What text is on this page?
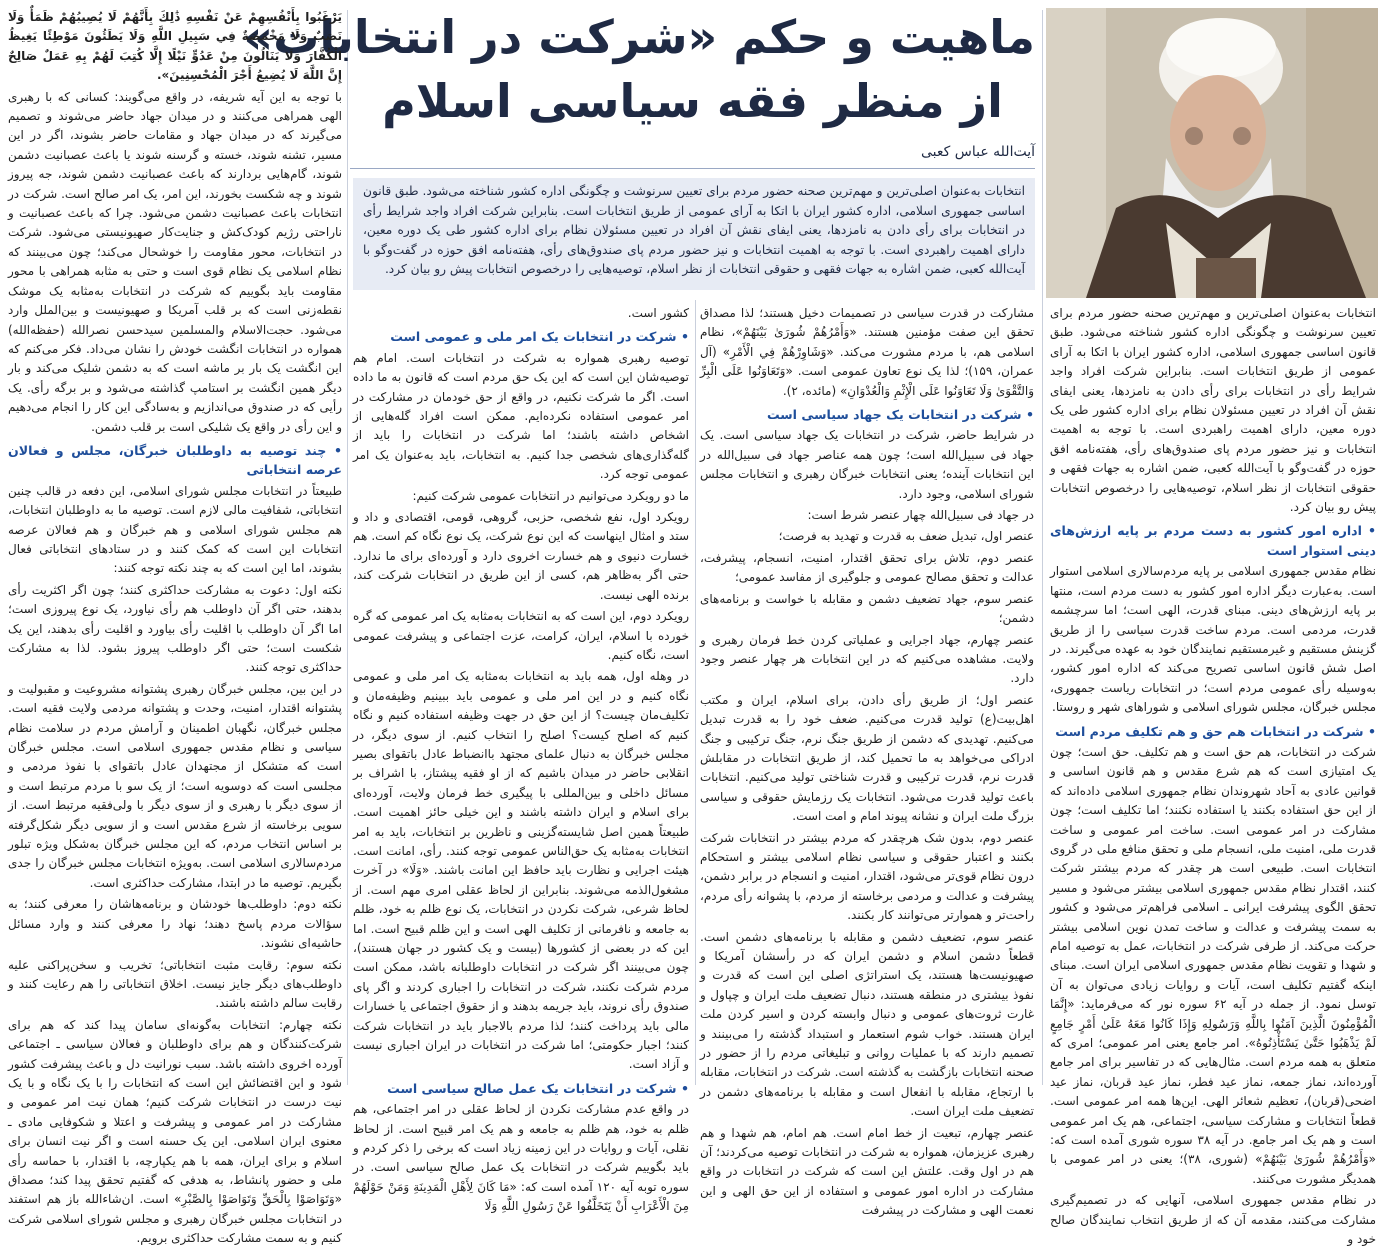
ماهیت و حکم «شرکت در انتخابات»
از منظر فقه سیاسی اسلام
آیت‌الله عباس کعبی
انتخابات به‌عنوان اصلی‌ترین و مهم‌ترین صحنه حضور مردم برای تعیین سرنوشت و چگونگی اداره کشور شناخته می‌شود. طبق قانون اساسی جمهوری اسلامی، اداره کشور ایران با اتکا به آرای عمومی از طریق انتخابات است. بنابراین شرکت افراد واجد شرایط رأی در انتخابات برای رأی دادن به نامزدها، یعنی ایفای نقش آن افراد در تعیین مسئولان نظام برای اداره کشور طی یک دوره معین، دارای اهمیت راهبردی است. با توجه به اهمیت انتخابات و نیز حضور مردم پای صندوق‌های رأی، هفته‌نامه افق حوزه در گفت‌وگو با آیت‌الله کعبی، ضمن اشاره به جهات فقهی و حقوقی انتخابات از نظر اسلام، توصیه‌هایی را درخصوص انتخابات پیش رو بیان کرد.

انتخابات به‌عنوان اصلی‌ترین و مهم‌ترین صحنه حضور مردم برای تعیین سرنوشت و چگونگی اداره کشور شناخته می‌شود. طبق قانون اساسی جمهوری اسلامی، اداره کشور ایران با اتکا به آرای عمومی از طریق انتخابات است. بنابراین شرکت افراد واجد شرایط رأی در انتخابات برای رأی دادن به نامزدها، یعنی ایفای نقش آن افراد در تعیین مسئولان نظام برای اداره کشور طی یک دوره معین، دارای اهمیت راهبردی است. با توجه به اهمیت انتخابات و نیز حضور مردم پای صندوق‌های رأی، هفته‌نامه افق حوزه در گفت‌وگو با آیت‌الله کعبی، ضمن اشاره به جهات فقهی و حقوقی انتخابات از نظر اسلام، توصیه‌هایی را درخصوص انتخابات پیش رو بیان کرد.

• اداره امور کشور به دست مردم بر پایه ارزش‌های دینی استوار است

نظام مقدس جمهوری اسلامی بر پایه مردم‌سالاری اسلامی استوار است. به‌عبارت دیگر اداره امور کشور به دست مردم است، منتها بر پایه ارزش‌های دینی. مبنای قدرت، الهی است؛ اما سرچشمه قدرت، مردمی است. مردم ساخت قدرت سیاسی را از طریق گزینش مستقیم و غیرمستقیم نمایندگان خود به عهده می‌گیرند. در اصل شش قانون اساسی تصریح می‌کند که اداره امور کشور، به‌وسیله رأی عمومی مردم است؛ در انتخابات ریاست جمهوری، مجلس خبرگان، مجلس شورای اسلامی و شوراهای شهر و روستا.

• شرکت در انتخابات هم حق و هم تکلیف مردم است

شرکت در انتخابات، هم حق است و هم تکلیف. حق است؛ چون یک امتیازی است که هم شرع مقدس و هم قانون اساسی و قوانین عادی به آحاد شهروندان نظام جمهوری اسلامی داده‌اند که از این حق استفاده بکنند یا استفاده نکنند؛ اما تکلیف است؛ چون مشارکت در امر عمومی است. ساخت امر عمومی و ساخت قدرت ملی، امنیت ملی، انسجام ملی و تحقق منافع ملی در گروی انتخابات است. طبیعی است هر چقدر که مردم بیشتر شرکت کنند، اقتدار نظام مقدس جمهوری اسلامی بیشتر می‌شود و مسیر تحقق الگوی پیشرفت ایرانی ـ اسلامی فراهم‌تر می‌شود و کشور به سمت پیشرفت و عدالت و ساخت تمدن نوین اسلامی بیشتر حرکت می‌کند. از طرفی شرکت در انتخابات، عمل به توصیه امام و شهدا و تقویت نظام مقدس جمهوری اسلامی ایران است. مبنای اینکه گفتیم تکلیف است، آیات و روایات زیادی می‌توان به آن توسل نمود. از جمله در آیه ۶۲ سوره نور که می‌فرماید: «إِنَّمَا الْمُؤْمِنُونَ الَّذِينَ آمَنُوا بِاللَّهِ وَرَسُولِهِ وَإِذَا كَانُوا مَعَهُ عَلَىٰ أَمْرٍ جَامِعٍ لَمْ يَذْهَبُوا حَتَّىٰ يَسْتَأْذِنُوهُ». امر جامع یعنی امر عمومی؛ امری که متعلق به همه مردم است. مثال‌هایی که در تفاسیر برای امر جامع آورده‌اند، نماز جمعه، نماز عید فطر، نماز عید قربان، نماز عید اضحی(قربان)، تعظیم شعائر الهی. این‌ها همه امر عمومی است. قطعاً انتخابات و مشارکت سیاسی، اجتماعی، هم یک امر عمومی است و هم یک امر جامع. در آیه ۳۸ سوره شوری آمده است که: «وَأَمْرُهُمْ شُورَىٰ بَيْنَهُمْ» (شوری، ۳۸)؛ یعنی در امر عمومی با همدیگر مشورت می‌کنند.

در نظام مقدس جمهوری اسلامی، آنهایی که در تصمیم‌گیری مشارکت می‌کنند، مقدمه آن که از طریق انتخاب نمایندگان صالح خود و

مشارکت در قدرت سیاسی در تصمیمات دخیل هستند؛ لذا مصداق تحقق این صفت مؤمنین هستند. «وَأَمْرُهُمْ شُورَىٰ بَيْنَهُمْ»، نظام اسلامی هم، با مردم مشورت می‌کند. «وَشَاوِرْهُمْ فِي الْأَمْرِ» (آل عمران، ۱۵۹)؛ لذا یک نوع تعاون عمومی است. «وَتَعَاوَنُوا عَلَى الْبِرِّ وَالتَّقْوَىٰ وَلَا تَعَاوَنُوا عَلَى الْإِثْمِ وَالْعُدْوَانِ» (مائده، ۲).

• شرکت در انتخابات یک جهاد سیاسی است

در شرایط حاضر، شرکت در انتخابات یک جهاد سیاسی است. یک جهاد فی سبیل‌الله است؛ چون همه عناصر جهاد فی سبیل‌الله در این انتخابات آینده؛ یعنی انتخابات خبرگان رهبری و انتخابات مجلس شورای اسلامی، وجود دارد.

در جهاد فی سبیل‌الله چهار عنصر شرط است:

عنصر اول، تبدیل ضعف به قدرت و تهدید به فرصت؛

عنصر دوم، تلاش برای تحقق اقتدار، امنیت، انسجام، پیشرفت، عدالت و تحقق مصالح عمومی و جلوگیری از مفاسد عمومی؛

عنصر سوم، جهاد تضعیف دشمن و مقابله با خواست و برنامه‌های دشمن؛

عنصر چهارم، جهاد اجرایی و عملیاتی کردن خط فرمان رهبری و ولایت. مشاهده می‌کنیم که در این انتخابات هر چهار عنصر وجود دارد.

عنصر اول؛ از طریق رأی دادن، برای اسلام، ایران و مکتب اهل‌بیت(ع) تولید قدرت می‌کنیم. ضعف خود را به قدرت تبدیل می‌کنیم. تهدیدی که دشمن از طریق جنگ نرم، جنگ ترکیبی و جنگ ادراکی می‌خواهد به ما تحمیل کند، از طریق انتخابات در مقابلش قدرت نرم، قدرت ترکیبی و قدرت شناختی تولید می‌کنیم. انتخابات باعث تولید قدرت می‌شود. انتخابات یک رزمایش حقوقی و سیاسی بزرگ ملت ایران و نشانه پیوند امام و امت است.

عنصر دوم، بدون شک هرچقدر که مردم بیشتر در انتخابات شرکت بکنند و اعتبار حقوقی و سیاسی نظام اسلامی بیشتر و استحکام درون نظام قوی‌تر می‌شود، اقتدار، امنیت و انسجام در برابر دشمن، پیشرفت و عدالت و مردمی برخاسته از مردم، با پشوانه رأی مردم، راحت‌تر و هموارتر می‌توانند کار بکنند.

عنصر سوم، تضعیف دشمن و مقابله با برنامه‌های دشمن است. قطعاً دشمن اسلام و دشمن ایران که در رأسشان آمریکا و صهیونیست‌ها هستند، یک استراتژی اصلی این است که قدرت و نفوذ بیشتری در منطقه هستند، دنبال تضعیف ملت ایران و چپاول و غارت ثروت‌های عمومی و دنبال وابسته کردن و اسیر کردن ملت ایران هستند. خواب شوم استعمار و استبداد گذشته را می‌بینند و تصمیم دارند که با عملیات روانی و تبلیغاتی مردم را از حضور در صحنه انتخابات بازگشت به گذشته است. شرکت در انتخابات، مقابله با ارتجاع، مقابله با انفعال است و مقابله با برنامه‌های دشمن در تضعیف ملت ایران است.

عنصر چهارم، تبعیت از خط امام است. هم امام، هم شهدا و هم رهبری عزیزمان، همواره به شرکت در انتخابات توصیه می‌کردند؛ آن هم در اول وقت. علتش این است که شرکت در انتخابات در واقع مشارکت در اداره امور عمومی و استفاده از این حق الهی و این نعمت الهی و مشارکت در پیشرفت

کشور است.

• شرکت در انتخابات یک امر ملی و عمومی است

توصیه رهبری همواره به شرکت در انتخابات است. امام هم توصیه‌شان این است که این یک حق مردم است که قانون به ما داده است. اگر ما شرکت نکنیم، در واقع از حق خودمان در مشارکت در امر عمومی استفاده نکرده‌ایم. ممکن است افراد گله‌هایی از اشخاص داشته باشند؛ اما شرکت در انتخابات را باید از گله‌گذاری‌های شخصی جدا کنیم. به انتخابات، باید به‌عنوان یک امر عمومی توجه کرد.

ما دو رویکرد می‌توانیم در انتخابات عمومی شرکت کنیم:

رویکرد اول، نفع شخصی، حزبی، گروهی، قومی، اقتصادی و داد و ستد و امثال اینهاست که این نوع شرکت، یک نوع نگاه کم است. هم خسارت دنیوی و هم خسارت اخروی دارد و آورده‌ای برای ما ندارد. حتی اگر به‌ظاهر هم، کسی از این طریق در انتخابات شرکت کند، برنده الهی نیست.

رویکرد دوم، این است که به انتخابات به‌مثابه یک امر عمومی که گره خورده با اسلام، ایران، کرامت، عزت اجتماعی و پیشرفت عمومی است، نگاه کنیم.

در وهله اول، همه باید به انتخابات به‌مثابه یک امر ملی و عمومی نگاه کنیم و در این امر ملی و عمومی باید ببینیم وظیفه‌مان و تکلیف‌مان چیست؟ از این حق در جهت وظیفه استفاده کنیم و نگاه کنیم که اصلح کیست؟ اصلح را انتخاب کنیم. از سوی دیگر، در مجلس خبرگان به دنبال علمای مجتهد باانضباط عادل باتقوای بصیر انقلابی حاضر در میدان باشیم که از او فقیه پیشتاز، با اشراف بر مسائل داخلی و بین‌المللی با پیگیری خط فرمان ولایت، آورده‌ای برای اسلام و ایران داشته باشند و این خیلی حائز اهمیت است. طبیعتاً همین اصل شایسته‌گزینی و ناظرین بر انتخابات، باید به امر انتخابات به‌مثابه یک حق‌الناس عمومی توجه کنند. رأی، امانت است. هیئت اجرایی و نظارت باید حافظ این امانت باشند. «وَلَا» در آخرت مشغول‌الذمه می‌شوند. بنابراین از لحاظ عقلی امری مهم است. از لحاظ شرعی، شرکت نکردن در انتخابات، یک نوع ظلم به خود، ظلم به جامعه و نافرمانی از تکلیف الهی است و این ظلم قبیح است. اما این که در بعضی از کشورها (بیست و یک کشور در جهان هستند)، چون می‌بینند اگر شرکت در انتخابات داوطلبانه باشد، ممکن است مردم شرکت نکنند، شرکت در انتخابات را اجباری کردند و اگر پای صندوق رأی نروند، باید جریمه بدهند و از حقوق اجتماعی یا خسارات مالی باید پرداخت کنند؛ لذا مردم بالاجبار باید در انتخابات شرکت کنند؛ اجبار حکومتی؛ اما شرکت در انتخابات در ایران اجباری نیست و آزاد است.

• شرکت در انتخابات یک عمل صالح سیاسی است

در واقع عدم مشارکت نکردن از لحاظ عقلی در امر اجتماعی، هم ظلم به خود، هم ظلم به جامعه و هم یک امر قبیح است. از لحاظ نقلی، آیات و روایات در این زمینه زیاد است که برخی را ذکر کردم و باید بگوییم شرکت در انتخابات یک عمل صالح سیاسی است. در سوره توبه آیه ۱۲۰ آمده است که: «مَا كَانَ لِأَهْلِ الْمَدِينَةِ وَمَنْ حَوْلَهُمْ مِنَ الْأَعْرَابِ أَنْ يَتَخَلَّفُوا عَنْ رَسُولِ اللَّهِ وَلَا

يَرْغَبُوا بِأَنْفُسِهِمْ عَنْ نَفْسِهِ ذَٰلِكَ بِأَنَّهُمْ لَا يُصِيبُهُمْ ظَمَأٌ وَلَا نَصَبٌ وَلَا مَخْمَصَةٌ فِي سَبِيلِ اللَّهِ وَلَا يَطَئُونَ مَوْطِئًا يَغِيظُ الْكُفَّارَ وَلَا يَنَالُونَ مِنْ عَدُوٍّ نَيْلًا إِلَّا كُتِبَ لَهُمْ بِهِ عَمَلٌ صَالِحٌ إِنَّ اللَّهَ لَا يُضِيعُ أَجْرَ الْمُحْسِنِينَ».

با توجه به این آیه شریفه، در واقع می‌گویند: کسانی که با رهبری الهی همراهی می‌کنند و در میدان جهاد حاضر می‌شوند و تصمیم می‌گیرند که در میدان جهاد و مقامات حاضر بشوند، اگر در این مسیر، تشنه شوند، خسته و گرسنه شوند یا باعث عصبانیت دشمن شوند، گام‌هایی بردارند که باعث عصبانیت دشمن شوند، جه پیروز شوند و چه شکست بخورند، این امر، یک امر صالح است. شرکت در انتخابات باعث عصبانیت دشمن می‌شود. چرا که باعث عصبانیت و ناراحتی رژیم کودک‌کش و جنایت‌کار صهیونیستی می‌شود. شرکت در انتخابات، محور مقاومت را خوشحال می‌کند؛ چون می‌بینند که نظام اسلامی یک نظام قوی است و حتی به مثابه همراهی با محور مقاومت باید بگوییم که شرکت در انتخابات به‌مثابه یک موشک نقطه‌زنی است که بر قلب آمریکا و صهیونیست و بین‌الملل وارد می‌شود. حجت‌الاسلام والمسلمین سیدحسن نصرالله (حفظه‌الله) همواره در انتخابات انگشت خودش را نشان می‌داد. فکر می‌کنم که این انگشت یک بار بر ماشه است که به دشمن شلیک می‌کند و بار دیگر همین انگشت بر استامپ گذاشته می‌شود و بر برگه رأی. یک رأیی که در صندوق می‌اندازیم و به‌سادگی این کار را انجام می‌دهیم و این رأی در واقع یک شلیکی است بر قلب دشمن.

• چند توصیه به داوطلبان خبرگان، مجلس و فعالان عرصه انتخاباتی

طبیعتاً در انتخابات مجلس شورای اسلامی، این دفعه در قالب چنین انتخاباتی، شفافیت مالی لازم است. توصیه ما به داوطلبان انتخابات، هم مجلس شورای اسلامی و هم خبرگان و هم فعالان عرصه انتخابات این است که کمک کنند و در ستادهای انتخاباتی فعال بشوند، اما این است که به چند نکته توجه کنند:

نکته اول: دعوت به مشارکت حداکثری کنند؛ چون اگر اکثریت رأی بدهند، حتی اگر آن داوطلب هم رأی نیاورد، یک نوع پیروزی است؛ اما اگر آن داوطلب با اقلیت رأی بیاورد و اقلیت رأی بدهند، این یک شکست است؛ حتی اگر داوطلب پیروز بشود. لذا به مشارکت حداکثری توجه کنند.

در این بین، مجلس خبرگان رهبری پشتوانه مشروعیت و مقبولیت و پشتوانه اقتدار، امنیت، وحدت و پشتوانه مردمی ولایت فقیه است. مجلس خبرگان، نگهبان اطمینان و آرامش مردم در سلامت نظام سیاسی و نظام مقدس جمهوری اسلامی است. مجلس خبرگان است که متشکل از مجتهدان عادل باتقوای با نفوذ مردمی و مجلسی است که دوسویه است؛ از یک سو با مردم مرتبط است و از سوی دیگر با رهبری و از سوی دیگر با ولی‌فقیه مرتبط است. از سویی برخاسته از شرع مقدس است و از سویی دیگر شکل‌گرفته بر اساس انتخاب مردم، که این مجلس خبرگان به‌شکل ویژه تبلور مردم‌سالاری اسلامی است. به‌ویژه انتخابات مجلس خبرگان را جدی بگیریم. توصیه ما در ابتدا، مشارکت حداکثری است.

نکته دوم: داوطلب‌ها خودشان و برنامه‌هاشان را معرفی کنند؛ به سؤالات مردم پاسخ دهند؛ نهاد را معرفی کنند و وارد مسائل حاشیه‌ای نشوند.

نکته سوم: رقابت مثبت انتخاباتی؛ تخریب و سخن‌پراکنی علیه داوطلب‌های دیگر جایز نیست. اخلاق انتخاباتی را هم رعایت کنند و رقابت سالم داشته باشند.

نکته چهارم: انتخابات به‌گونه‌ای سامان پیدا کند که هم برای شرکت‌کنندگان و هم برای داوطلبان و فعالان سیاسی ـ اجتماعی آورده اخروی داشته باشد. سبب نورانیت دل و باعث پیشرفت کشور شود و این اقتضائش این است که انتخابات را با یک نگاه و با یک نیت درست در انتخابات شرکت کنیم؛ همان نیت امر عمومی و مشارکت در امر عمومی و پیشرفت و اعتلا و شکوفایی مادی ـ معنوی ایران اسلامی. این یک حسنه است و اگر نیت انسان برای اسلام و برای ایران، همه با هم یکپارچه، با اقتدار، با حماسه رأی ملی و حضور پانشاط، به هدفی که گفتیم تحقق پیدا کند؛ مصداق «وَتَوَاصَوْا بِالْحَقِّ وَتَوَاصَوْا بِالصَّبْرِ» است. ان‌شاءالله باز هم استفند در انتخابات مجلس خبرگان رهبری و مجلس شورای اسلامی شرکت کنیم و به سمت مشارکت حداکثری برویم.
